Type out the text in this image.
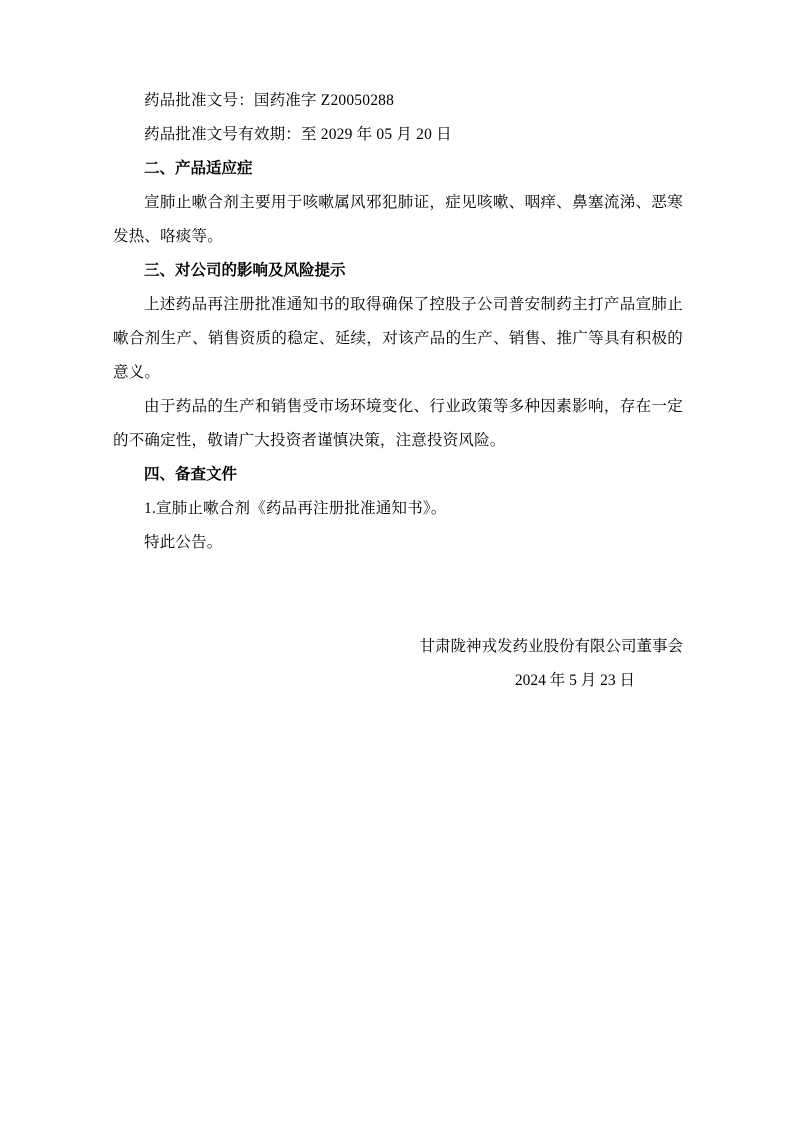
药品批准文号：国药准字 Z20050288
药品批准文号有效期：至 2029 年 05 月 20 日
二、产品适应症
宣肺止嗽合剂主要用于咳嗽属风邪犯肺证，症见咳嗽、咽痒、鼻塞流涕、恶寒发热、咯痰等。
三、对公司的影响及风险提示
上述药品再注册批准通知书的取得确保了控股子公司普安制药主打产品宣肺止嗽合剂生产、销售资质的稳定、延续，对该产品的生产、销售、推广等具有积极的意义。
由于药品的生产和销售受市场环境变化、行业政策等多种因素影响，存在一定的不确定性，敬请广大投资者谨慎决策，注意投资风险。
四、备查文件
1.宣肺止嗽合剂《药品再注册批准通知书》。
特此公告。
甘肃陇神戎发药业股份有限公司董事会
2024 年 5 月 23 日
